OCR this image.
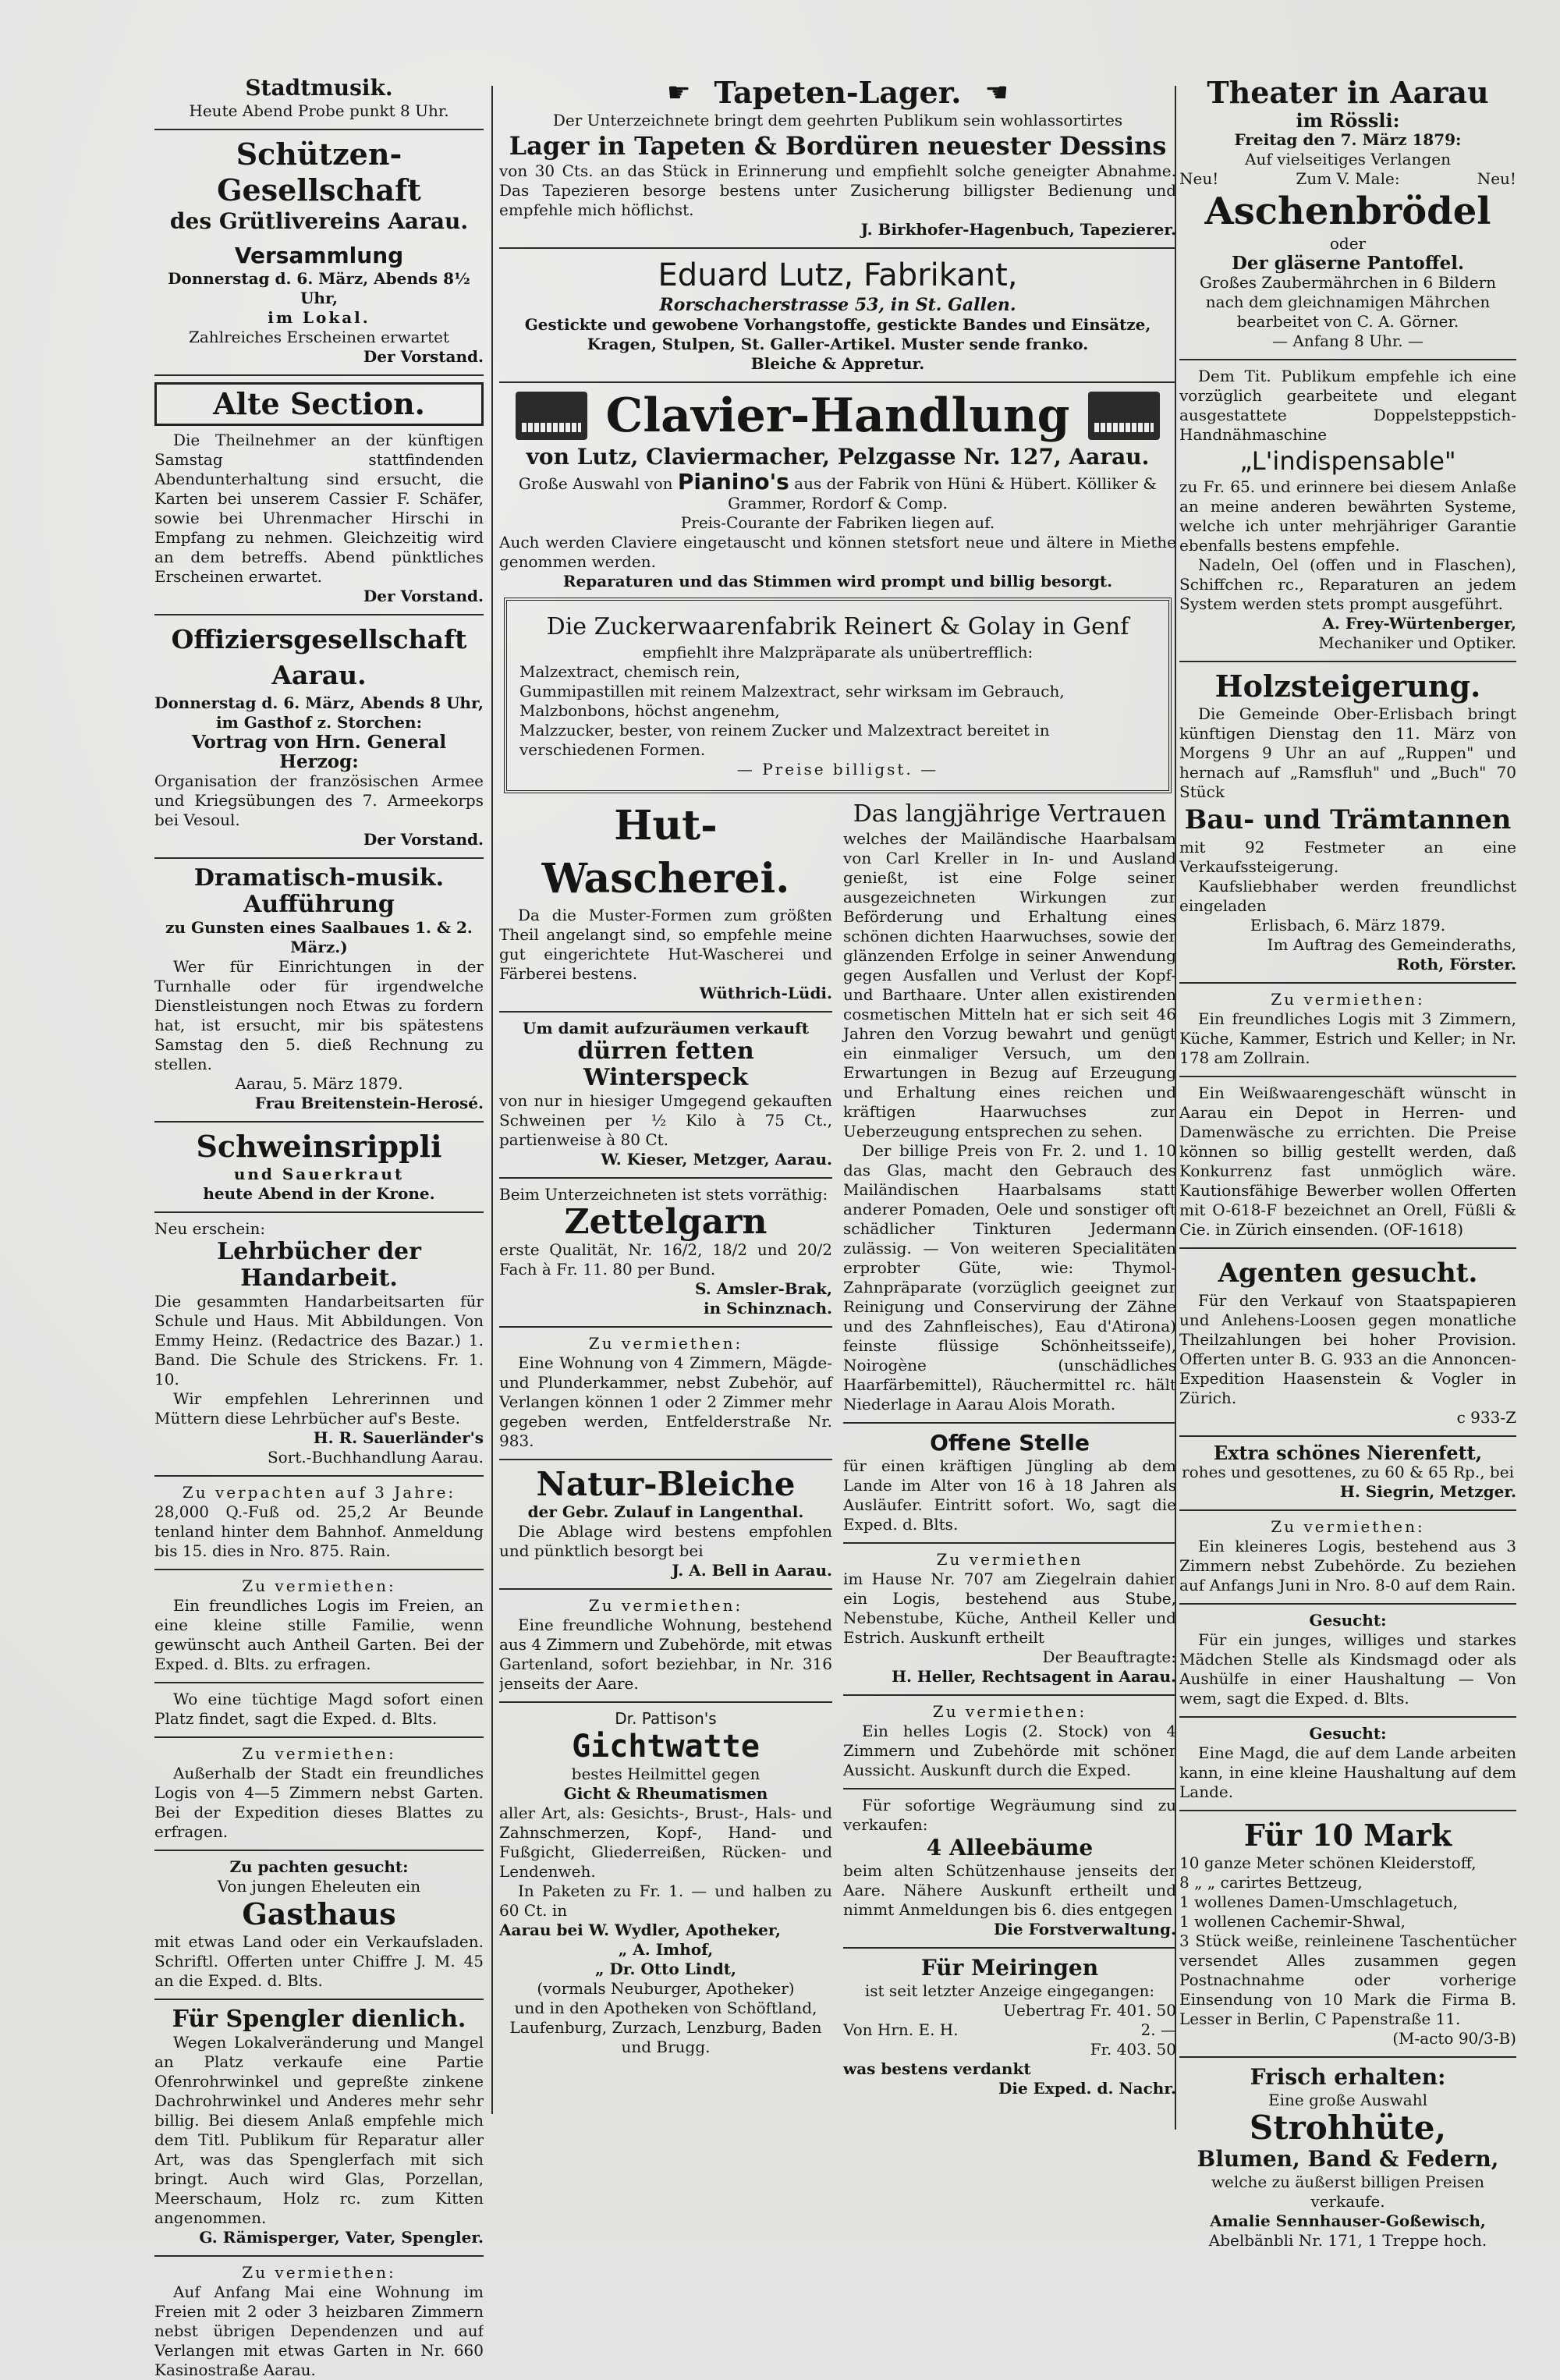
Stadtmusik.

Heute Abend Probe punkt 8 Uhr.

Schützen-Gesellschaft

des Grütlivereins Aarau.

Versammlung

Donnerstag d. 6. März, Abends 8½ Uhr,

im Lokal.

Zahlreiches Erscheinen erwartet

Der Vorstand.

Alte Section.

Die Theilnehmer an der künftigen Samstag stattfindenden Abendunterhaltung sind ersucht, die Karten bei unserem Cassier F. Schäfer, sowie bei Uhrenmacher Hirschi in Empfang zu nehmen. Gleichzeitig wird an dem betreffs. Abend pünktliches Erscheinen erwartet.

Der Vorstand.

Offiziersgesellschaft Aarau.

Donnerstag d. 6. März, Abends 8 Uhr,

im Gasthof z. Storchen:

Vortrag von Hrn. General Herzog:

Organisation der französischen Armee und Kriegsübungen des 7. Armeekorps bei Vesoul.

Der Vorstand.

Dramatisch-musik. Aufführung

zu Gunsten eines Saalbaues 1. & 2. März.)

Wer für Einrichtungen in der Turnhalle oder für irgendwelche Dienstleistungen noch Etwas zu fordern hat, ist ersucht, mir bis spätestens Samstag den 5. dieß Rechnung zu stellen.

Aarau, 5. März 1879.

Frau Breitenstein-Herosé.

Schweinsrippli

und Sauerkraut

heute Abend in der Krone.

Neu erschein:

Lehrbücher der Handarbeit.

Die gesammten Handarbeitsarten für Schule und Haus. Mit Abbildungen. Von Emmy Heinz. (Redactrice des Bazar.) 1. Band. Die Schule des Strickens. Fr. 1. 10.

Wir empfehlen Lehrerinnen und Müttern diese Lehrbücher auf's Beste.

H. R. Sauerländer's

Sort.-Buchhandlung Aarau.

Zu verpachten auf 3 Jahre:

28,000 Q.-Fuß od. 25,2 Ar Beunde tenland hinter dem Bahnhof. Anmeldung bis 15. dies in Nro. 875. Rain.

Zu vermiethen:

Ein freundliches Logis im Freien, an eine kleine stille Familie, wenn gewünscht auch Antheil Garten. Bei der Exped. d. Blts. zu erfragen.

Wo eine tüchtige Magd sofort einen Platz findet, sagt die Exped. d. Blts.

Zu vermiethen:

Außerhalb der Stadt ein freundliches Logis von 4—5 Zimmern nebst Garten. Bei der Expedition dieses Blattes zu erfragen.

Zu pachten gesucht:

Von jungen Eheleuten ein

Gasthaus

mit etwas Land oder ein Verkaufsladen. Schriftl. Offerten unter Chiffre J. M. 45 an die Exped. d. Blts.

Für Spengler dienlich.

Wegen Lokalveränderung und Mangel an Platz verkaufe eine Partie Ofenrohrwinkel und gepreßte zinkene Dachrohrwinkel und Anderes mehr sehr billig. Bei diesem Anlaß empfehle mich dem Titl. Publikum für Reparatur aller Art, was das Spenglerfach mit sich bringt. Auch wird Glas, Porzellan, Meerschaum, Holz rc. zum Kitten angenommen.

G. Rämisperger, Vater, Spengler.

Zu vermiethen:

Auf Anfang Mai eine Wohnung im Freien mit 2 oder 3 heizbaren Zimmern nebst übrigen Dependenzen und auf Verlangen mit etwas Garten in Nr. 660 Kasinostraße Aarau.

☛ Tapeten-Lager. ☚

Der Unterzeichnete bringt dem geehrten Publikum sein wohlassortirtes

Lager in Tapeten & Bordüren neuester Dessins

von 30 Cts. an das Stück in Erinnerung und empfiehlt solche geneigter Abnahme. Das Tapezieren besorge bestens unter Zusicherung billigster Bedienung und empfehle mich höflichst.

J. Birkhofer-Hagenbuch, Tapezierer.

Eduard Lutz, Fabrikant,

Rorschacherstrasse 53, in St. Gallen.

Gestickte und gewobene Vorhangstoffe, gestickte Bandes und Einsätze, Kragen, Stulpen, St. Galler-Artikel. Muster sende franko.

Bleiche & Appretur.

Clavier-Handlung

von Lutz, Claviermacher, Pelzgasse Nr. 127, Aarau.

Große Auswahl von Pianino's aus der Fabrik von Hüni & Hübert. Kölliker & Grammer, Rordorf & Comp.

Preis-Courante der Fabriken liegen auf.

Auch werden Claviere eingetauscht und können stetsfort neue und ältere in Miethe genommen werden.

Reparaturen und das Stimmen wird prompt und billig besorgt.

Die Zuckerwaarenfabrik Reinert & Golay in Genf

empfiehlt ihre Malzpräparate als unübertrefflich:

Malzextract, chemisch rein,

Gummipastillen mit reinem Malzextract, sehr wirksam im Gebrauch,

Malzbonbons, höchst angenehm,

Malzzucker, bester, von reinem Zucker und Malzextract bereitet in verschiedenen Formen.

— Preise billigst. —

Hut-Wascherei.

Da die Muster-Formen zum größten Theil angelangt sind, so empfehle meine gut eingerichtete Hut-Wascherei und Färberei bestens.

Wüthrich-Lüdi.

Um damit aufzuräumen verkauft

dürren fetten Winterspeck

von nur in hiesiger Umgegend gekauften Schweinen per ½ Kilo à 75 Ct., partienweise à 80 Ct.

W. Kieser, Metzger, Aarau.

Beim Unterzeichneten ist stets vorräthig:

Zettelgarn

erste Qualität, Nr. 16/2, 18/2 und 20/2 Fach à Fr. 11. 80 per Bund.

S. Amsler-Brak,

in Schinznach.

Zu vermiethen:

Eine Wohnung von 4 Zimmern, Mägde- und Plunderkammer, nebst Zubehör, auf Verlangen können 1 oder 2 Zimmer mehr gegeben werden, Entfelderstraße Nr. 983.

Natur-Bleiche

der Gebr. Zulauf in Langenthal.

Die Ablage wird bestens empfohlen und pünktlich besorgt bei

J. A. Bell in Aarau.

Zu vermiethen:

Eine freundliche Wohnung, bestehend aus 4 Zimmern und Zubehörde, mit etwas Gartenland, sofort beziehbar, in Nr. 316 jenseits der Aare.

Dr. Pattison's

Gichtwatte

bestes Heilmittel gegen

Gicht & Rheumatismen

aller Art, als: Gesichts-, Brust-, Hals- und Zahnschmerzen, Kopf-, Hand- und Fußgicht, Gliederreißen, Rücken- und Lendenweh.

In Paketen zu Fr. 1. — und halben zu 60 Ct. in

Aarau bei W. Wydler, Apotheker,

„ A. Imhof,

„ Dr. Otto Lindt,

(vormals Neuburger, Apotheker)

und in den Apotheken von Schöftland, Laufenburg, Zurzach, Lenzburg, Baden und Brugg.

Das langjährige Vertrauen

welches der Mailändische Haarbalsam von Carl Kreller in In- und Ausland genießt, ist eine Folge seiner ausgezeichneten Wirkungen zur Beförderung und Erhaltung eines schönen dichten Haarwuchses, sowie der glänzenden Erfolge in seiner Anwendung gegen Ausfallen und Verlust der Kopf- und Barthaare. Unter allen existirenden cosmetischen Mitteln hat er sich seit 46 Jahren den Vorzug bewahrt und genügt ein einmaliger Versuch, um den Erwartungen in Bezug auf Erzeugung und Erhaltung eines reichen und kräftigen Haarwuchses zur Ueberzeugung entsprechen zu sehen.

Der billige Preis von Fr. 2. und 1. 10 das Glas, macht den Gebrauch des Mailändischen Haarbalsams statt anderer Pomaden, Oele und sonstiger oft schädlicher Tinkturen Jedermann zulässig. — Von weiteren Specialitäten erprobter Güte, wie: Thymol-Zahnpräparate (vorzüglich geeignet zur Reinigung und Conservirung der Zähne und des Zahnfleisches), Eau d'Atirona) feinste flüssige Schönheitsseife), Noirogène (unschädliches Haarfärbemittel), Räuchermittel rc. hält Niederlage in Aarau Alois Morath.

Offene Stelle

für einen kräftigen Jüngling ab dem Lande im Alter von 16 à 18 Jahren als Ausläufer. Eintritt sofort. Wo, sagt die Exped. d. Blts.

Zu vermiethen

im Hause Nr. 707 am Ziegelrain dahier ein Logis, bestehend aus Stube, Nebenstube, Küche, Antheil Keller und Estrich. Auskunft ertheilt

Der Beauftragte:

H. Heller, Rechtsagent in Aarau.

Zu vermiethen:

Ein helles Logis (2. Stock) von 4 Zimmern und Zubehörde mit schöner Aussicht. Auskunft durch die Exped.

Für sofortige Wegräumung sind zu verkaufen:

4 Alleebäume

beim alten Schützenhause jenseits der Aare. Nähere Auskunft ertheilt und nimmt Anmeldungen bis 6. dies entgegen

Die Forstverwaltung.

Für Meiringen

ist seit letzter Anzeige eingegangen:

Uebertrag Fr. 401. 50
Von Hrn. E. H.	2. —
Fr. 403. 50

was bestens verdankt

Die Exped. d. Nachr.

Theater in Aarau

im Rössli:

Freitag den 7. März 1879:

Auf vielseitiges Verlangen

Neu!	Zum V. Male:	Neu!

Aschenbrödel

oder

Der gläserne Pantoffel.

Großes Zaubermährchen in 6 Bildern nach dem gleichnamigen Mährchen bearbeitet von C. A. Görner.

— Anfang 8 Uhr. —

Dem Tit. Publikum empfehle ich eine vorzüglich gearbeitete und elegant ausgestattete Doppelsteppstich-Handnähmaschine

„L'indispensable"

zu Fr. 65. und erinnere bei diesem Anlaße an meine anderen bewährten Systeme, welche ich unter mehrjähriger Garantie ebenfalls bestens empfehle.

Nadeln, Oel (offen und in Flaschen), Schiffchen rc., Reparaturen an jedem System werden stets prompt ausgeführt.

A. Frey-Würtenberger,

Mechaniker und Optiker.

Holzsteigerung.

Die Gemeinde Ober-Erlisbach bringt künftigen Dienstag den 11. März von Morgens 9 Uhr an auf „Ruppen" und hernach auf „Ramsfluh" und „Buch" 70 Stück

Bau- und Trämtannen

mit 92 Festmeter an eine Verkaufssteigerung.

Kaufsliebhaber werden freundlichst eingeladen

Erlisbach, 6. März 1879.

Im Auftrag des Gemeinderaths,

Roth, Förster.

Zu vermiethen:

Ein freundliches Logis mit 3 Zimmern, Küche, Kammer, Estrich und Keller; in Nr. 178 am Zollrain.

Ein Weißwaarengeschäft wünscht in Aarau ein Depot in Herren- und Damenwäsche zu errichten. Die Preise können so billig gestellt werden, daß Konkurrenz fast unmöglich wäre. Kautionsfähige Bewerber wollen Offerten mit O-618-F bezeichnet an Orell, Füßli & Cie. in Zürich einsenden. (OF-1618)

Agenten gesucht.

Für den Verkauf von Staatspapieren und Anlehens-Loosen gegen monatliche Theilzahlungen bei hoher Provision. Offerten unter B. G. 933 an die Annoncen-Expedition Haasenstein & Vogler in Zürich.

c 933-Z

Extra schönes Nierenfett,

rohes und gesottenes, zu 60 & 65 Rp., bei

H. Siegrin, Metzger.

Zu vermiethen:

Ein kleineres Logis, bestehend aus 3 Zimmern nebst Zubehörde. Zu beziehen auf Anfangs Juni in Nro. 8-0 auf dem Rain.

Gesucht:

Für ein junges, williges und starkes Mädchen Stelle als Kindsmagd oder als Aushülfe in einer Haushaltung — Von wem, sagt die Exped. d. Blts.

Gesucht:

Eine Magd, die auf dem Lande arbeiten kann, in eine kleine Haushaltung auf dem Lande.

Für 10 Mark

10 ganze Meter schönen Kleiderstoff,

8 „ „ carirtes Bettzeug,

1 wollenes Damen-Umschlagetuch,

1 wollenen Cachemir-Shwal,

3 Stück weiße, reinleinene Taschentücher versendet Alles zusammen gegen Postnachnahme oder vorherige Einsendung von 10 Mark die Firma B. Lesser in Berlin, C Papenstraße 11.

(M-acto 90/3-B)

Frisch erhalten:

Eine große Auswahl

Strohhüte,

Blumen, Band & Federn,

welche zu äußerst billigen Preisen verkaufe.

Amalie Sennhauser-Goßewisch,

Abelbänbli Nr. 171, 1 Treppe hoch.
